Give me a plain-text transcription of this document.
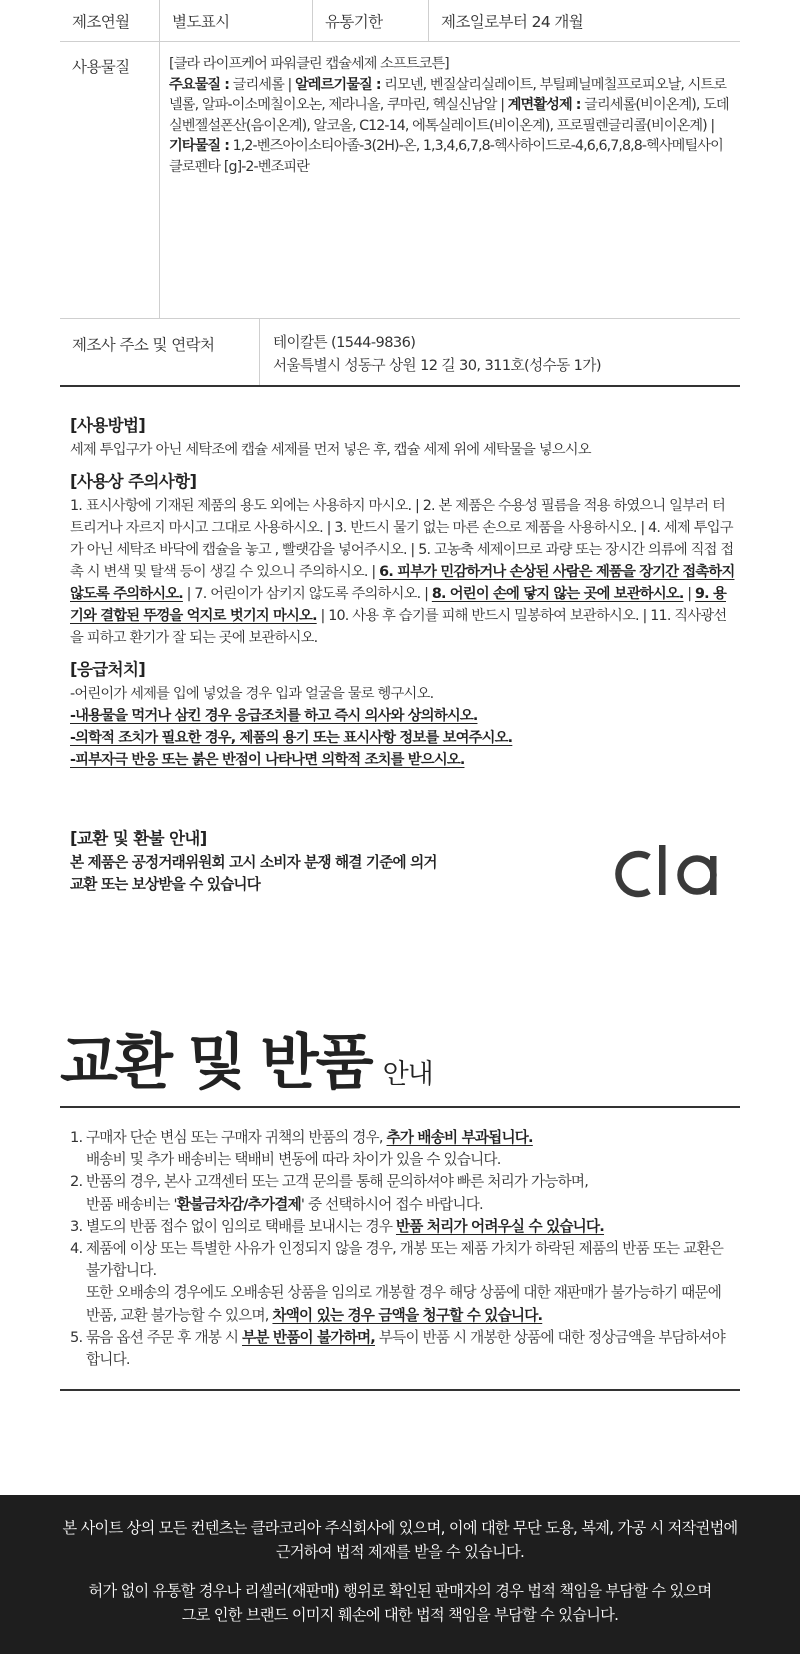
제조연월	별도표시	유통기한	제조일로부터 24 개월
사용물질	[클라 라이프케어 파워클린 캡슐세제 소프트코튼]
주요물질 : 글리세롤 | 알레르기물질 : 리모넨, 벤질살리실레이트, 부틸페닐메칠프로피오날, 시트로넬롤, 알파-이소메칠이오논, 제라니올, 쿠마린, 헥실신남알 | 계면활성제 : 글리세롤(비이온계), 도데실벤젤설폰산(음이온계), 알코올, C12-14, 에톡실레이트(비이온계), 프로필렌글리콜(비이온계) | 기타물질 : 1,2-벤즈아이소티아졸-3(2H)-온, 1,3,4,6,7,8-헥사하이드로-4,6,6,7,8,8-헥사메틸사이클로펜타 [g]-2-벤조피란
제조사 주소 및 연락처	테이칼튼 (1544-9836)
서울특별시 성동구 상원 12 길 30, 311호(성수동 1가)
[사용방법]
세제 투입구가 아닌 세탁조에 캡슐 세제를 먼저 넣은 후, 캡슐 세제 위에 세탁물을 넣으시오
[사용상 주의사항]
1. 표시사항에 기재된 제품의 용도 외에는 사용하지 마시오. | 2. 본 제품은 수용성 필름을 적용 하였으니 일부러 터트리거나 자르지 마시고 그대로 사용하시오. | 3. 반드시 물기 없는 마른 손으로 제품을 사용하시오. | 4. 세제 투입구가 아닌 세탁조 바닥에 캡슐을 놓고 , 빨랫감을 넣어주시오. | 5. 고농축 세제이므로 과량 또는 장시간 의류에 직접 접촉 시 변색 및 탈색 등이 생길 수 있으니 주의하시오. | 6. 피부가 민감하거나 손상된 사람은 제품을 장기간 접촉하지 않도록 주의하시오. | 7. 어린이가 삼키지 않도록 주의하시오. | 8. 어린이 손에 닿지 않는 곳에 보관하시오. | 9. 용기와 결합된 뚜껑을 억지로 벗기지 마시오. | 10. 사용 후 습기를 피해 반드시 밀봉하여 보관하시오. | 11. 직사광선을 피하고 환기가 잘 되는 곳에 보관하시오.
[응급처치]
-어린이가 세제를 입에 넣었을 경우 입과 얼굴을 물로 헹구시오.
-내용물을 먹거나 삼킨 경우 응급조치를 하고 즉시 의사와 상의하시오.
-의학적 조치가 필요한 경우, 제품의 용기 또는 표시사항 정보를 보여주시오.
-피부자극 반응 또는 붉은 반점이 나타나면 의학적 조치를 받으시오.
[교환 및 환불 안내]
본 제품은 공정거래위원회 고시 소비자 분쟁 해결 기준에 의거
교환 또는 보상받을 수 있습니다
교환 및 반품 안내
1. 구매자 단순 변심 또는 구매자 귀책의 반품의 경우, 추가 배송비 부과됩니다.
배송비 및 추가 배송비는 택배비 변동에 따라 차이가 있을 수 있습니다.
2. 반품의 경우, 본사 고객센터 또는 고객 문의를 통해 문의하셔야 빠른 처리가 가능하며,
반품 배송비는 '환불금차감/추가결제' 중 선택하시어 접수 바랍니다.
3. 별도의 반품 접수 없이 임의로 택배를 보내시는 경우 반품 처리가 어려우실 수 있습니다.
4. 제품에 이상 또는 특별한 사유가 인정되지 않을 경우, 개봉 또는 제품 가치가 하락된 제품의 반품 또는 교환은 불가합니다.
또한 오배송의 경우에도 오배송된 상품을 임의로 개봉할 경우 해당 상품에 대한 재판매가 불가능하기 때문에 반품, 교환 불가능할 수 있으며, 차액이 있는 경우 금액을 청구할 수 있습니다.
5. 묶음 옵션 주문 후 개봉 시 부분 반품이 불가하며, 부득이 반품 시 개봉한 상품에 대한 정상금액을 부담하셔야 합니다.
본 사이트 상의 모든 컨텐츠는 클라코리아 주식회사에 있으며, 이에 대한 무단 도용, 복제, 가공 시 저작권법에
근거하여 법적 제재를 받을 수 있습니다.
허가 없이 유통할 경우나 리셀러(재판매) 행위로 확인된 판매자의 경우 법적 책임을 부담할 수 있으며
그로 인한 브랜드 이미지 훼손에 대한 법적 책임을 부담할 수 있습니다.
